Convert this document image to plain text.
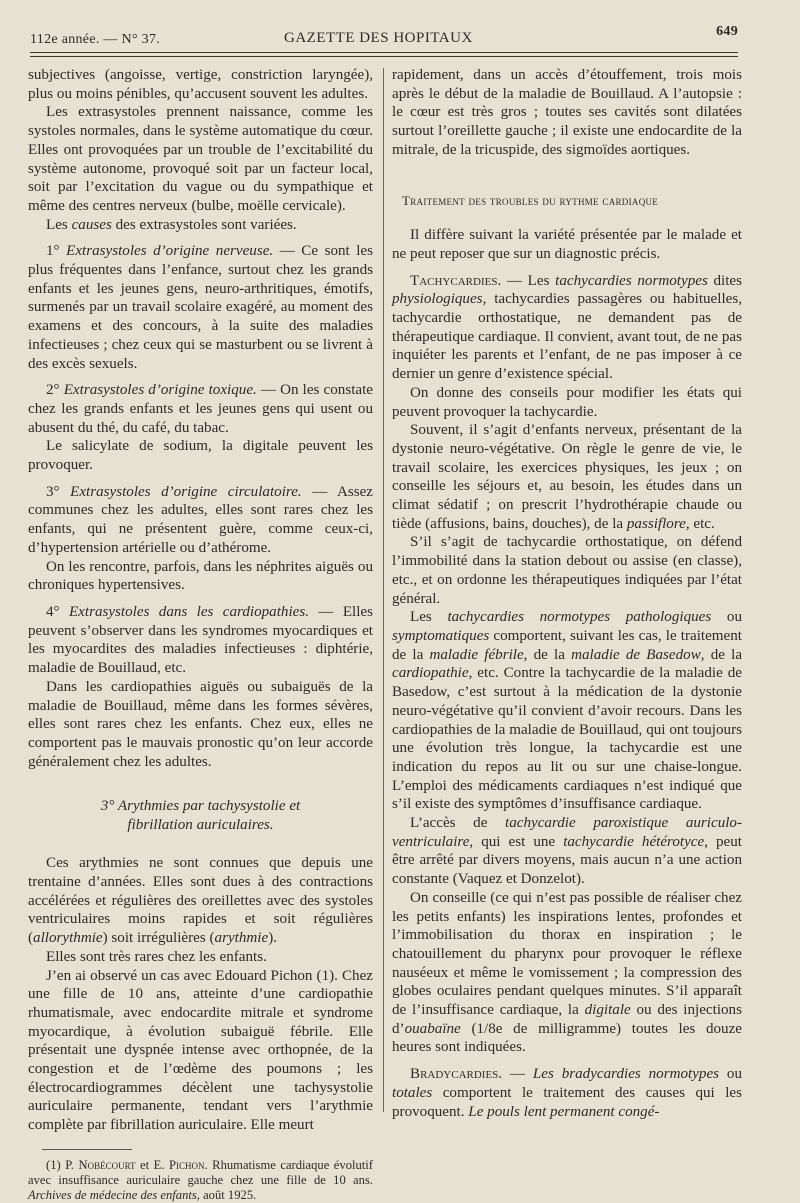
112e année. — N° 37.	GAZETTE DES HOPITAUX	649

subjectives (angoisse, vertige, constriction laryngée), plus ou moins pénibles, qu’accusent souvent les adultes.

Les extrasystoles prennent naissance, comme les systoles normales, dans le système automatique du cœur. Elles ont provoquées par un trouble de l’excitabilité du système autonome, provoqué soit par un facteur local, soit par l’excitation du vague ou du sympathique et même des centres nerveux (bulbe, moëlle cervicale).

Les causes des extrasystoles sont variées.

1° Extrasystoles d’origine nerveuse. — Ce sont les plus fréquentes dans l’enfance, surtout chez les grands enfants et les jeunes gens, neuro-arthritiques, émotifs, surmenés par un travail scolaire exagéré, au moment des examens et des concours, à la suite des maladies infectieuses ; chez ceux qui se masturbent ou se livrent à des excès sexuels.

2° Extrasystoles d’origine toxique. — On les constate chez les grands enfants et les jeunes gens qui usent ou abusent du thé, du café, du tabac.

Le salicylate de sodium, la digitale peuvent les provoquer.

3° Extrasystoles d’origine circulatoire. — Assez communes chez les adultes, elles sont rares chez les enfants, qui ne présentent guère, comme ceux-ci, d’hypertension artérielle ou d’athérome.

On les rencontre, parfois, dans les néphrites aiguës ou chroniques hypertensives.

4° Extrasystoles dans les cardiopathies. — Elles peuvent s’observer dans les syndromes myocardiques et les myocardites des maladies infectieuses : diphtérie, maladie de Bouillaud, etc.

Dans les cardiopathies aiguës ou subaiguës de la maladie de Bouillaud, même dans les formes sévères, elles sont rares chez les enfants. Chez eux, elles ne comportent pas le mauvais pronostic qu’on leur accorde généralement chez les adultes.

3° Arythmies par tachysystolie et
fibrillation auriculaires.

Ces arythmies ne sont connues que depuis une trentaine d’années. Elles sont dues à des contractions accélérées et régulières des oreillettes avec des systoles ventriculaires moins rapides et soit régulières (allorythmie) soit irrégulières (arythmie).

Elles sont très rares chez les enfants.

J’en ai observé un cas avec Edouard Pichon (1). Chez une fille de 10 ans, atteinte d’une cardiopathie rhumatismale, avec endocardite mitrale et syndrome myocardique, à évolution subaiguë fébrile. Elle présentait une dyspnée intense avec orthopnée, de la congestion et de l’œdème des poumons ; les électrocardiogrammes décèlent une tachysystolie auriculaire permanente, tendant vers l’arythmie complète par fibrillation auriculaire. Elle meurt

(1) P. Nobécourt et E. Pichon. Rhumatisme cardiaque évolutif avec insuffisance auriculaire gauche chez une fille de 10 ans. Archives de médecine des enfants, août 1925.

rapidement, dans un accès d’étouffement, trois mois après le début de la maladie de Bouillaud. A l’autopsie : le cœur est très gros ; toutes ses cavités sont dilatées surtout l’oreillette gauche ; il existe une endocardite de la mitrale, de la tricuspide, des sigmoïdes aortiques.

Traitement des troubles du rythme cardiaque

Il diffère suivant la variété présentée par le malade et ne peut reposer que sur un diagnostic précis.

Tachycardies. — Les tachycardies normotypes dites physiologiques, tachycardies passagères ou habituelles, tachycardie orthostatique, ne demandent pas de thérapeutique cardiaque. Il convient, avant tout, de ne pas inquiéter les parents et l’enfant, de ne pas imposer à ce dernier un genre d’existence spécial.

On donne des conseils pour modifier les états qui peuvent provoquer la tachycardie.

Souvent, il s’agit d’enfants nerveux, présentant de la dystonie neuro-végétative. On règle le genre de vie, le travail scolaire, les exercices physiques, les jeux ; on conseille les séjours et, au besoin, les études dans un climat sédatif ; on prescrit l’hydrothérapie chaude ou tiède (affusions, bains, douches), de la passiflore, etc.

S’il s’agit de tachycardie orthostatique, on défend l’immobilité dans la station debout ou assise (en classe), etc., et on ordonne les thérapeutiques indiquées par l’état général.

Les tachycardies normotypes pathologiques ou symptomatiques comportent, suivant les cas, le traitement de la maladie fébrile, de la maladie de Basedow, de la cardiopathie, etc. Contre la tachycardie de la maladie de Basedow, c’est surtout à la médication de la dystonie neuro-végétative qu’il convient d’avoir recours. Dans les cardiopathies de la maladie de Bouillaud, qui ont toujours une évolution très longue, la tachycardie est une indication du repos au lit ou sur une chaise-longue. L’emploi des médicaments cardiaques n’est indiqué que s’il existe des symptômes d’insuffisance cardiaque.

L’accès de tachycardie paroxistique auriculo-ventriculaire, qui est une tachycardie hétérotyce, peut être arrêté par divers moyens, mais aucun n’a une action constante (Vaquez et Donzelot).

On conseille (ce qui n’est pas possible de réaliser chez les petits enfants) les inspirations lentes, profondes et l’immobilisation du thorax en inspiration ; le chatouillement du pharynx pour provoquer le réflexe nauséeux et même le vomissement ; la compression des globes oculaires pendant quelques minutes. S’il apparaît de l’insuffisance cardiaque, la digitale ou des injections d’ouabaïne (1/8e de milligramme) toutes les douze heures sont indiquées.

Bradycardies. — Les bradycardies normotypes ou totales comportent le traitement des causes qui les provoquent. Le pouls lent permanent congé-
